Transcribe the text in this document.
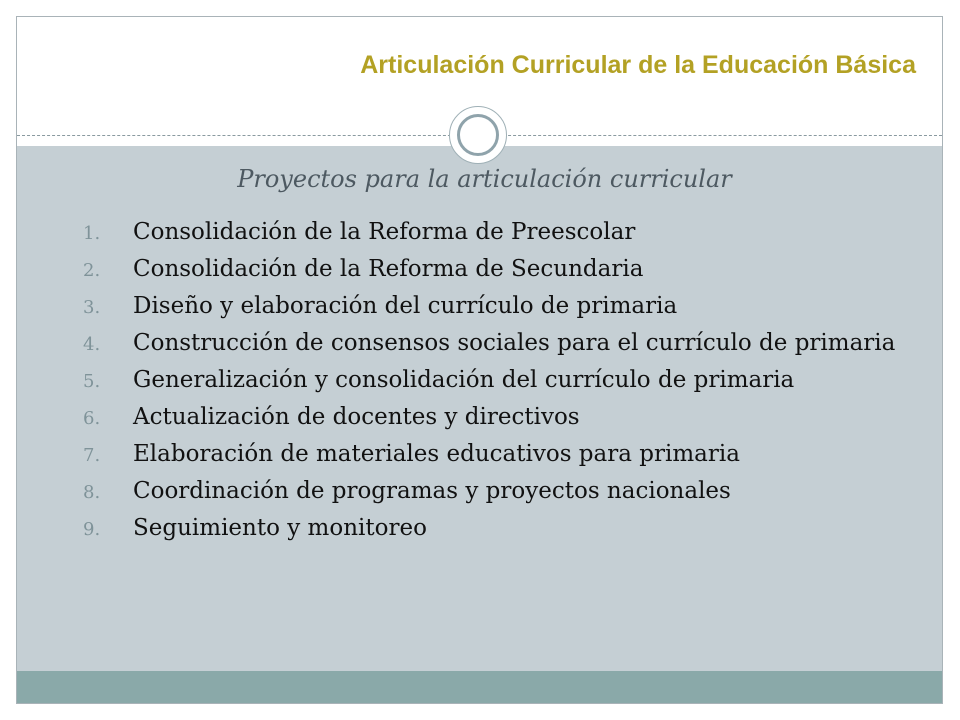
Articulación Curricular de la Educación Básica
Proyectos para la articulación curricular
1. Consolidación de la Reforma de Preescolar
2. Consolidación de la Reforma de Secundaria
3. Diseño y elaboración del currículo de primaria
4. Construcción de consensos sociales para el currículo de primaria
5. Generalización y consolidación del currículo de primaria
6. Actualización de docentes y directivos
7. Elaboración de materiales educativos para primaria
8. Coordinación de programas y proyectos nacionales
9. Seguimiento y monitoreo
